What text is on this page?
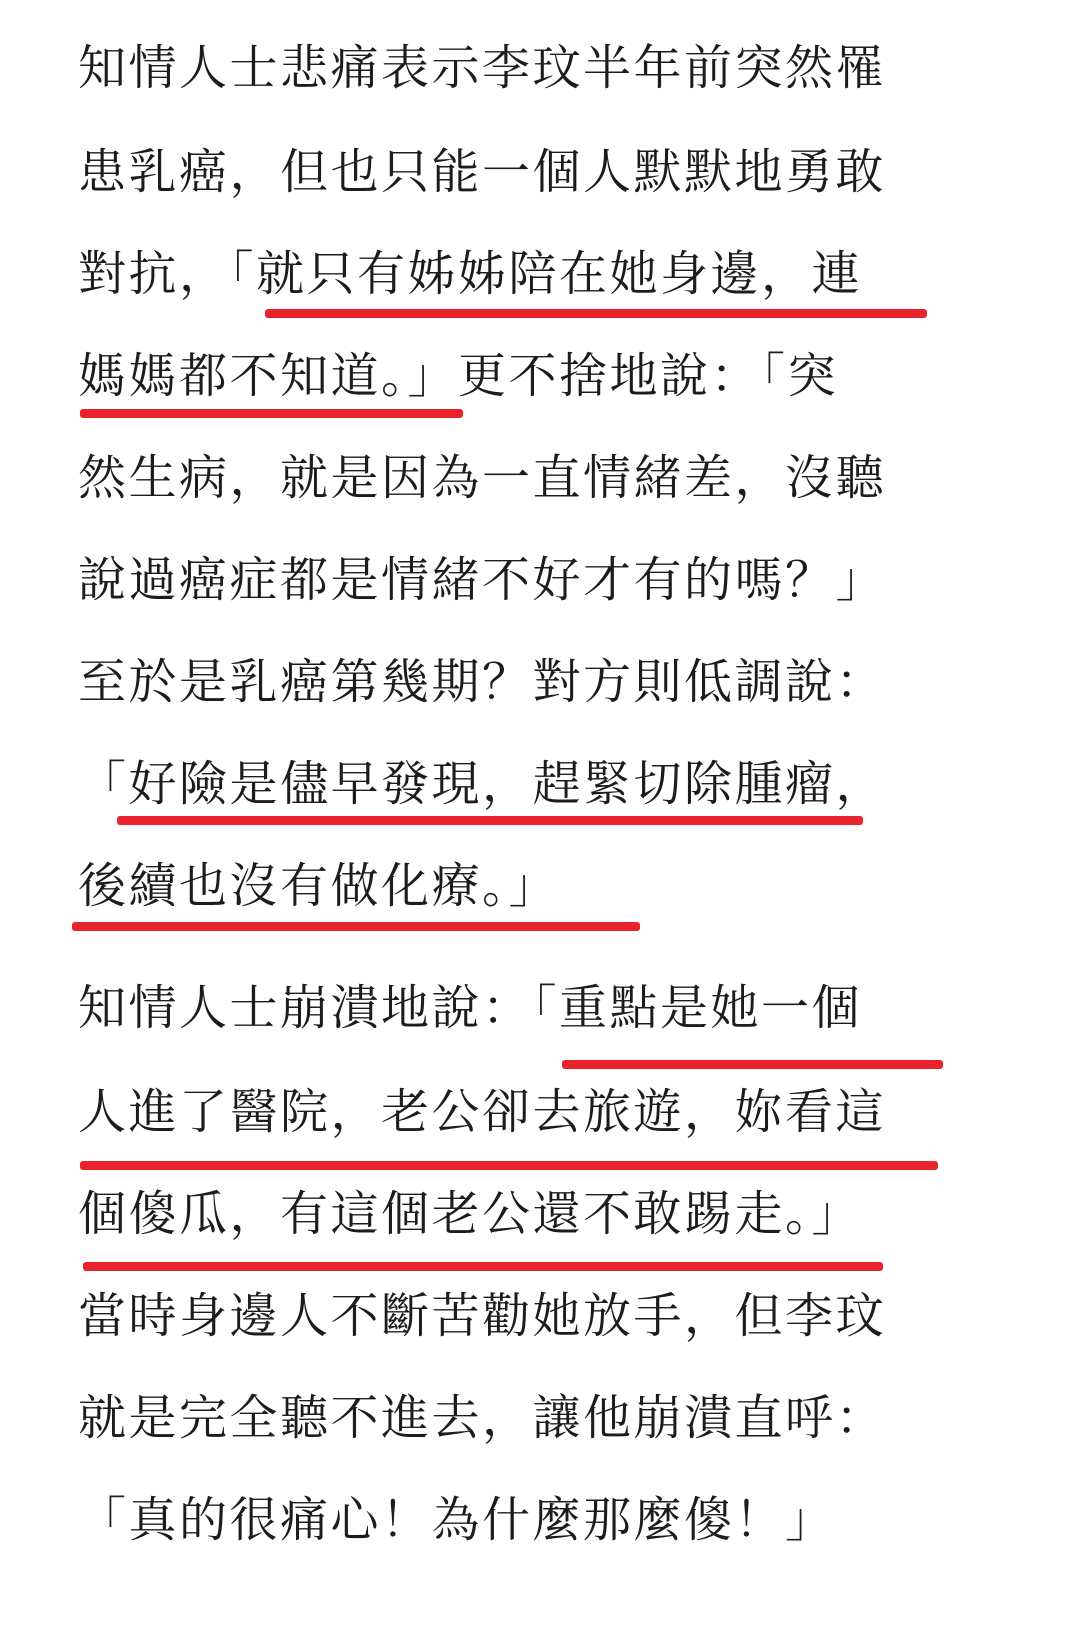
知情人士悲痛表示李玟半年前突然罹

患乳癌，但也只能一個人默默地勇敢

對抗，「就只有姊姊陪在她身邊，連

媽媽都不知道。」更不捨地說：「突

然生病，就是因為一直情緒差，沒聽

說過癌症都是情緒不好才有的嗎？」

至於是乳癌第幾期？對方則低調說：

「好險是儘早發現，趕緊切除腫瘤，

後續也沒有做化療。」

知情人士崩潰地說：「重點是她一個

人進了醫院，老公卻去旅遊，妳看這

個傻瓜，有這個老公還不敢踢走。」

當時身邊人不斷苦勸她放手，但李玟

就是完全聽不進去，讓他崩潰直呼：

「真的很痛心！為什麼那麼傻！」
